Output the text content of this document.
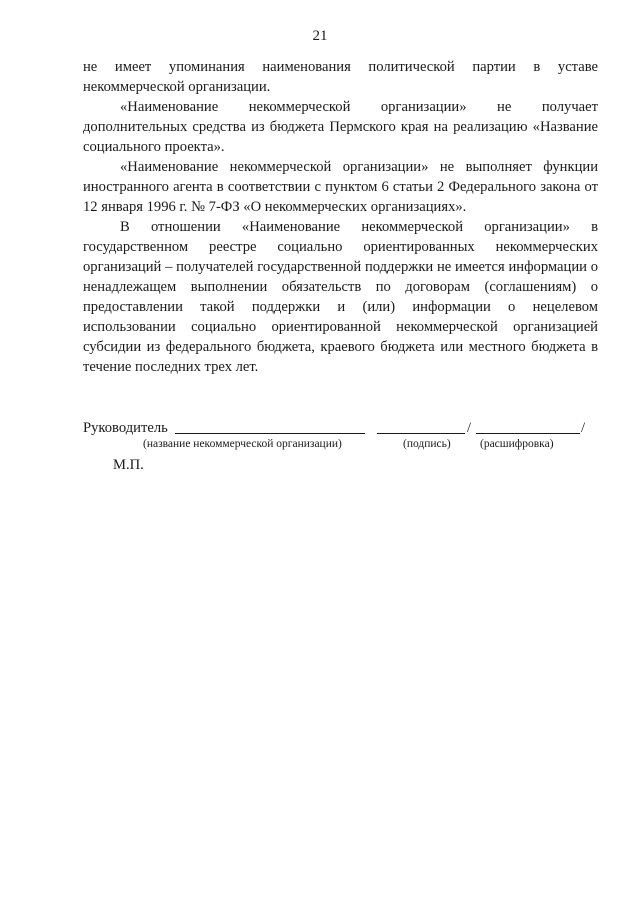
21

не имеет упоминания наименования политической партии в уставе некоммерческой организации.

«Наименование некоммерческой организации» не получает дополнительных средства из бюджета Пермского края на реализацию «Название социального проекта».

«Наименование некоммерческой организации» не выполняет функции иностранного агента в соответствии с пунктом 6 статьи 2 Федерального закона от 12 января 1996 г. № 7-ФЗ «О некоммерческих организациях».

В отношении «Наименование некоммерческой организации» в государственном реестре социально ориентированных некоммерческих организаций – получателей государственной поддержки не имеется информации о ненадлежащем выполнении обязательств по договорам (соглашениям) о предоставлении такой поддержки и (или) информации о нецелевом использовании социально ориентированной некоммерческой организацией субсидии из федерального бюджета, краевого бюджета или местного бюджета в течение последних трех лет.

Руководитель	/	/
(название некоммерческой организации)	(подпись)	(расшифровка)
М.П.
